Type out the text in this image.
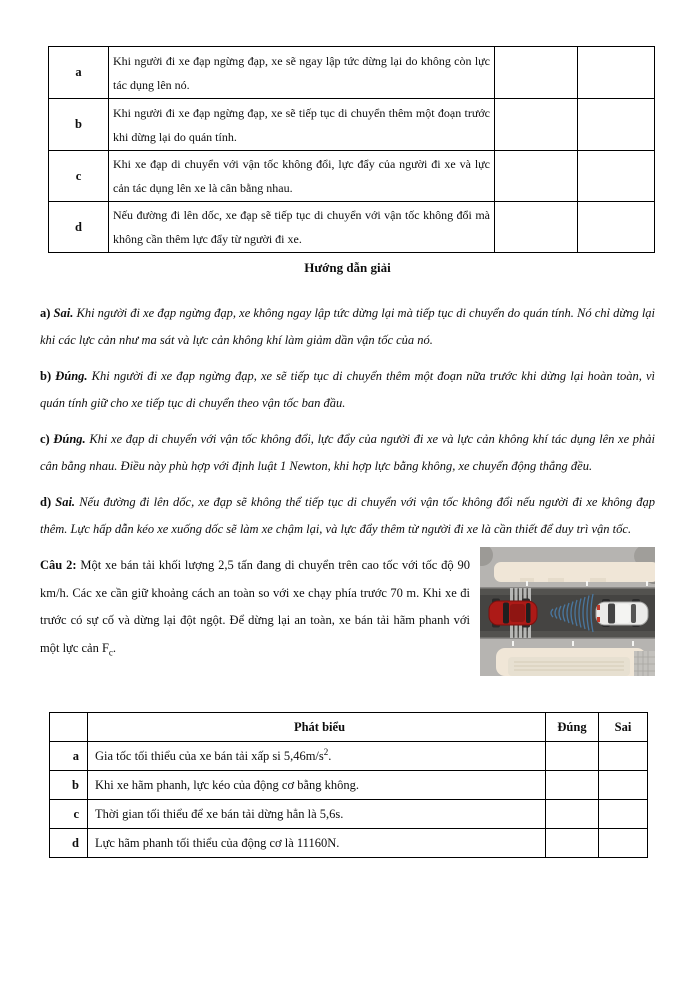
a	Khi người đi xe đạp ngừng đạp, xe sẽ ngay lập tức dừng lại do không còn lực tác dụng lên nó.		
b	Khi người đi xe đạp ngừng đạp, xe sẽ tiếp tục di chuyển thêm một đoạn trước khi dừng lại do quán tính.		
c	Khi xe đạp di chuyển với vận tốc không đổi, lực đẩy của người đi xe và lực cản tác dụng lên xe là cân bằng nhau.		
d	Nếu đường đi lên dốc, xe đạp sẽ tiếp tục di chuyển với vận tốc không đổi mà không cần thêm lực đẩy từ người đi xe.		
Hướng dẫn giải

a) Sai. Khi người đi xe đạp ngừng đạp, xe không ngay lập tức dừng lại mà tiếp tục di chuyển do quán tính. Nó chỉ dừng lại khi các lực cản như ma sát và lực cản không khí làm giảm dần vận tốc của nó.

b) Đúng. Khi người đi xe đạp ngừng đạp, xe sẽ tiếp tục di chuyển thêm một đoạn nữa trước khi dừng lại hoàn toàn, vì quán tính giữ cho xe tiếp tục di chuyển theo vận tốc ban đầu.

c) Đúng. Khi xe đạp di chuyển với vận tốc không đổi, lực đẩy của người đi xe và lực cản không khí tác dụng lên xe phải cân bằng nhau. Điều này phù hợp với định luật 1 Newton, khi hợp lực bằng không, xe chuyển động thẳng đều.

d) Sai. Nếu đường đi lên dốc, xe đạp sẽ không thể tiếp tục di chuyển với vận tốc không đổi nếu người đi xe không đạp thêm. Lực hấp dẫn kéo xe xuống dốc sẽ làm xe chậm lại, và lực đẩy thêm từ người đi xe là cần thiết để duy trì vận tốc.

Câu 2: Một xe bán tải khối lượng 2,5 tấn đang di chuyển trên cao tốc với tốc độ 90 km/h. Các xe cần giữ khoảng cách an toàn so với xe chạy phía trước 70 m. Khi xe đi trước có sự cố và dừng lại đột ngột. Để dừng lại an toàn, xe bán tải hãm phanh với một lực cản $F_c$.
	Phát biểu	Đúng	Sai
a	Gia tốc tối thiểu của xe bán tải xấp si $5,46m/s^2$.		
b	Khi xe hãm phanh, lực kéo của động cơ bằng không.		
c	Thời gian tối thiểu để xe bán tải dừng hẳn là 5,6s.		
d	Lực hãm phanh tối thiểu của động cơ là 11160N.		
